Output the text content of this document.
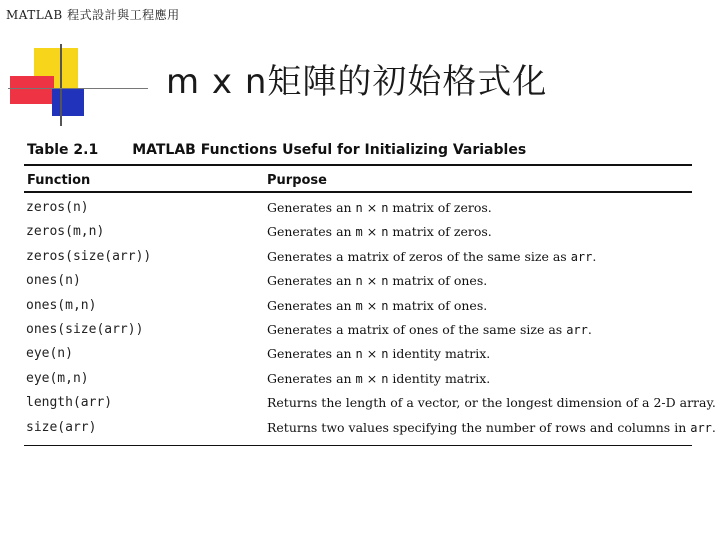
MATLAB 程式設計與工程應用
m x n矩陣的初始格式化
Table 2.1 MATLAB Functions Useful for Initializing Variables
Function	Purpose
zeros(n)	Generates an n × n matrix of zeros.
zeros(m,n)	Generates an m × n matrix of zeros.
zeros(size(arr))	Generates a matrix of zeros of the same size as arr.
ones(n)	Generates an n × n matrix of ones.
ones(m,n)	Generates an m × n matrix of ones.
ones(size(arr))	Generates a matrix of ones of the same size as arr.
eye(n)	Generates an n × n identity matrix.
eye(m,n)	Generates an m × n identity matrix.
length(arr)	Returns the length of a vector, or the longest dimension of a 2-D array.
size(arr)	Returns two values specifying the number of rows and columns in arr.
